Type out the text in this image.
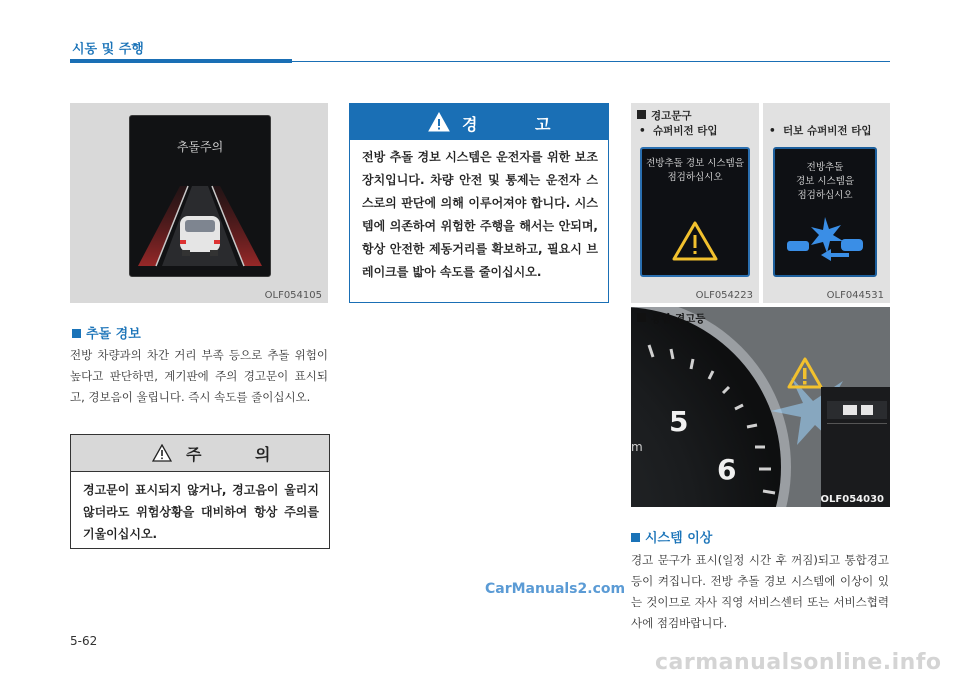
시동 및 주행
추돌주의
OLF054105
추돌 경보
전방 차량과의 차간 거리 부족 등으로 추돌 위험이 높다고 판단하면, 계기판에 주의 경고문이 표시되고, 경보음이 울립니다. 즉시 속도를 줄이십시오.
주 의
경고문이 표시되지 않거나, 경고음이 울리지 않더라도 위험상황을 대비하여 항상 주의를 기울이십시오.
경 고
전방 추돌 경보 시스템은 운전자를 위한 보조 장치입니다. 차량 안전 및 통제는 운전자 스스로의 판단에 의해 이루어져야 합니다. 시스템에 의존하여 위험한 주행을 해서는 안되며, 항상 안전한 제동거리를 확보하고, 필요시 브레이크를 밟아 속도를 줄이십시오.
경고문구
•  슈퍼비전 타입
전방추돌 경보 시스템을
점검하십시오
OLF054223
•  터보 슈퍼비전 타입
전방추돌
경보 시스템을
점검하십시오
OLF044531
통합 경고등
5
6
m
OLF054030
시스템 이상
경고 문구가 표시(일정 시간 후 꺼짐)되고 통합경고등이 켜집니다. 전방 추돌 경보 시스템에 이상이 있는 것이므로 자사 직영 서비스센터 또는 서비스협력사에 점검바랍니다.
CarManuals2.com
5-62
carmanualsonline.info
